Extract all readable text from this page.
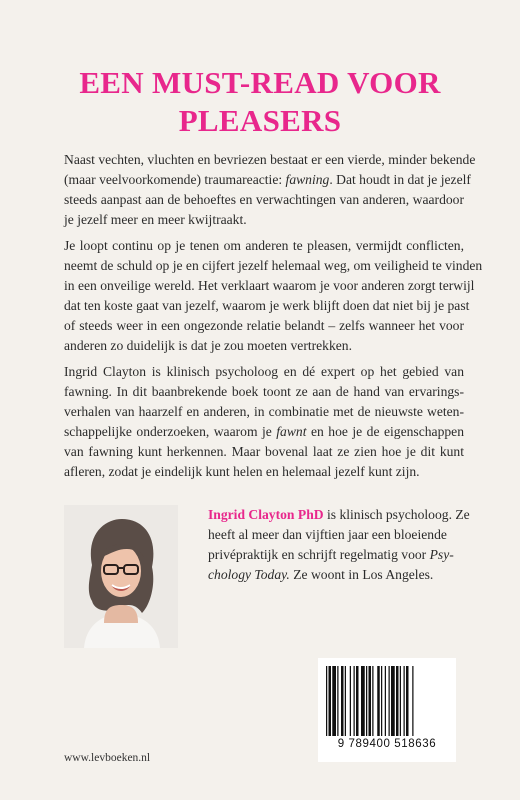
EEN MUST-READ VOOR
PLEASERS
Naast vechten, vluchten en bevriezen bestaat er een vierde, minder bekende
(maar veelvoorkomende) traumareactie: fawning. Dat houdt in dat je jezelf
steeds aanpast aan de behoeftes en verwachtingen van anderen, waardoor
je jezelf meer en meer kwijtraakt.
Je loopt continu op je tenen om anderen te pleasen, vermijdt conflicten,
neemt de schuld op je en cijfert jezelf helemaal weg, om veiligheid te vinden
in een onveilige wereld. Het verklaart waarom je voor anderen zorgt terwijl
dat ten koste gaat van jezelf, waarom je werk blijft doen dat niet bij je past
of steeds weer in een ongezonde relatie belandt – zelfs wanneer het voor
anderen zo duidelijk is dat je zou moeten vertrekken.
Ingrid Clayton is klinisch psycholoog en dé expert op het gebied van
fawning. In dit baanbrekende boek toont ze aan de hand van ervarings-
verhalen van haarzelf en anderen, in combinatie met de nieuwste weten-
schappelijke onderzoeken, waarom je fawnt en hoe je de eigenschappen
van fawning kunt herkennen. Maar bovenal laat ze zien hoe je dit kunt
afleren, zodat je eindelijk kunt helen en helemaal jezelf kunt zijn.
Ingrid Clayton PhD is klinisch psycholoog. Ze
heeft al meer dan vijftien jaar een bloeiende
privépraktijk en schrijft regelmatig voor Psy-
chology Today. Ze woont in Los Angeles.
www.levboeken.nl
9 789400 518636
